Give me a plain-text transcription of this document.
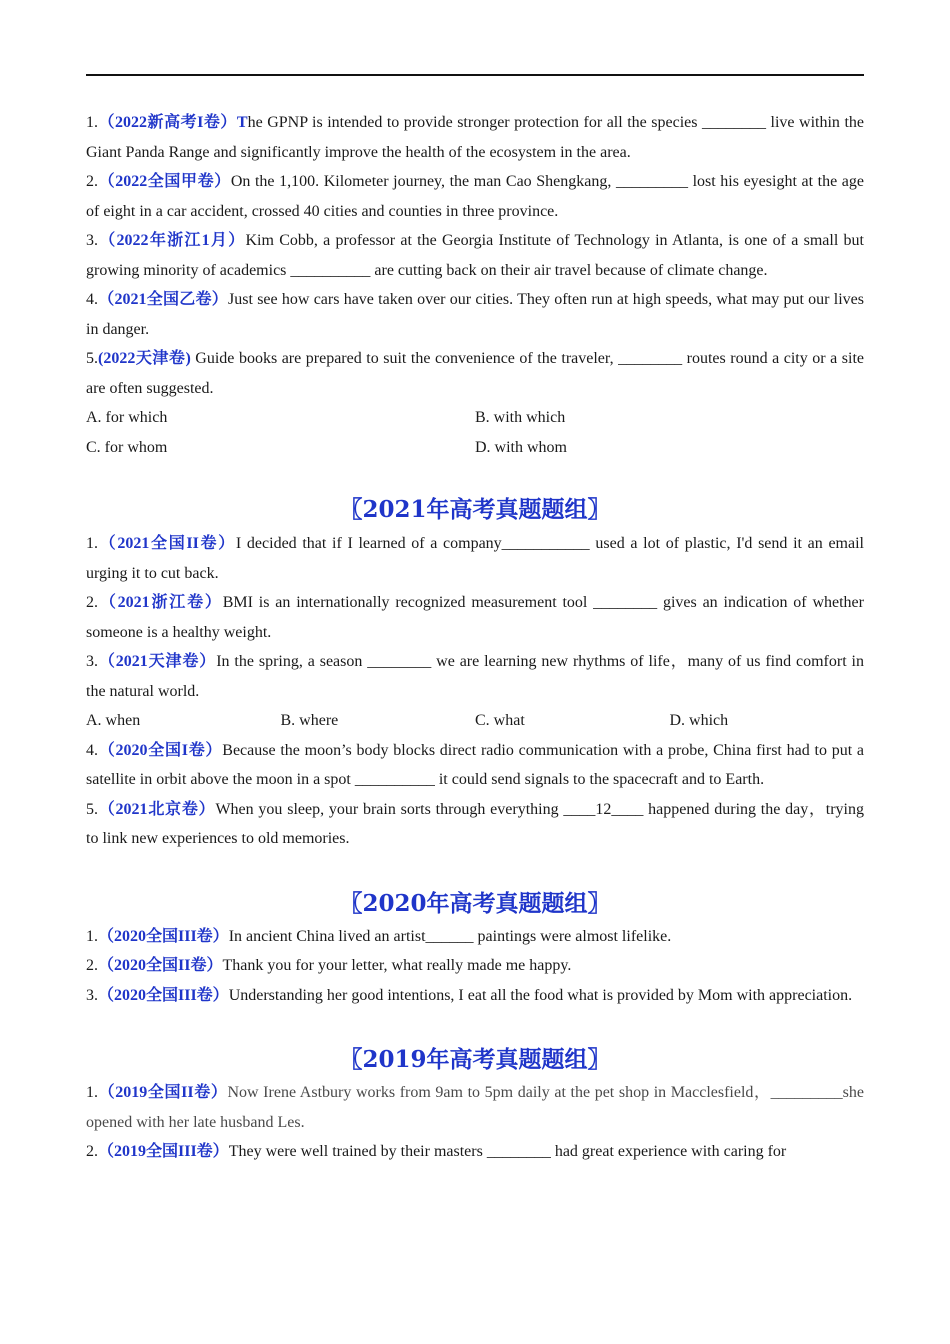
1.（2022新高考I卷）The GPNP is intended to provide stronger protection for all the species ________ live within the Giant Panda Range and significantly improve the health of the ecosystem in the area.

2.（2022全国甲卷）On the 1,100. Kilometer journey, the man Cao Shengkang, _________ lost his eyesight at the age of eight in a car accident, crossed 40 cities and counties in three province.

3.（2022年浙江1月）Kim Cobb, a professor at the Georgia Institute of Technology in Atlanta, is one of a small but growing minority of academics __________ are cutting back on their air travel because of climate change.

4.（2021全国乙卷）Just see how cars have taken over our cities. They often run at high speeds, what may put our lives in danger.

5.(2022天津卷) Guide books are prepared to suit the convenience of the traveler, ________ routes round a city or a site are often suggested.

A. for which	B. with which
C. for whom	D. with whom

〖2021年高考真题题组〗

1.（2021全国II卷）I decided that if I learned of a company___________ used a lot of plastic, I'd send it an email urging it to cut back.

2.（2021浙江卷）BMI is an internationally recognized measurement tool ________ gives an indication of whether someone is a healthy weight.

3.（2021天津卷）In the spring, a season ________ we are learning new rhythms of life，many of us find comfort in the natural world.

A. when	B. where	C. what	D. which

4.（2020全国I卷）Because the moon’s body blocks direct radio communication with a probe, China first had to put a satellite in orbit above the moon in a spot __________ it could send signals to the spacecraft and to Earth.

5.（2021北京卷）When you sleep, your brain sorts through everything ____12____ happened during the day，trying to link new experiences to old memories.

〖2020年高考真题题组〗

1.（2020全国III卷）In ancient China lived an artist______ paintings were almost lifelike.

2.（2020全国II卷）Thank you for your letter, what really made me happy.

3.（2020全国III卷）Understanding her good intentions, I eat all the food what is provided by Mom with appreciation.

〖2019年高考真题题组〗

1.（2019全国II卷）Now Irene Astbury works from 9am to 5pm daily at the pet shop in Macclesfield，_________she opened with her late husband Les.

2.（2019全国III卷）They were well trained by their masters ________ had great experience with caring for
